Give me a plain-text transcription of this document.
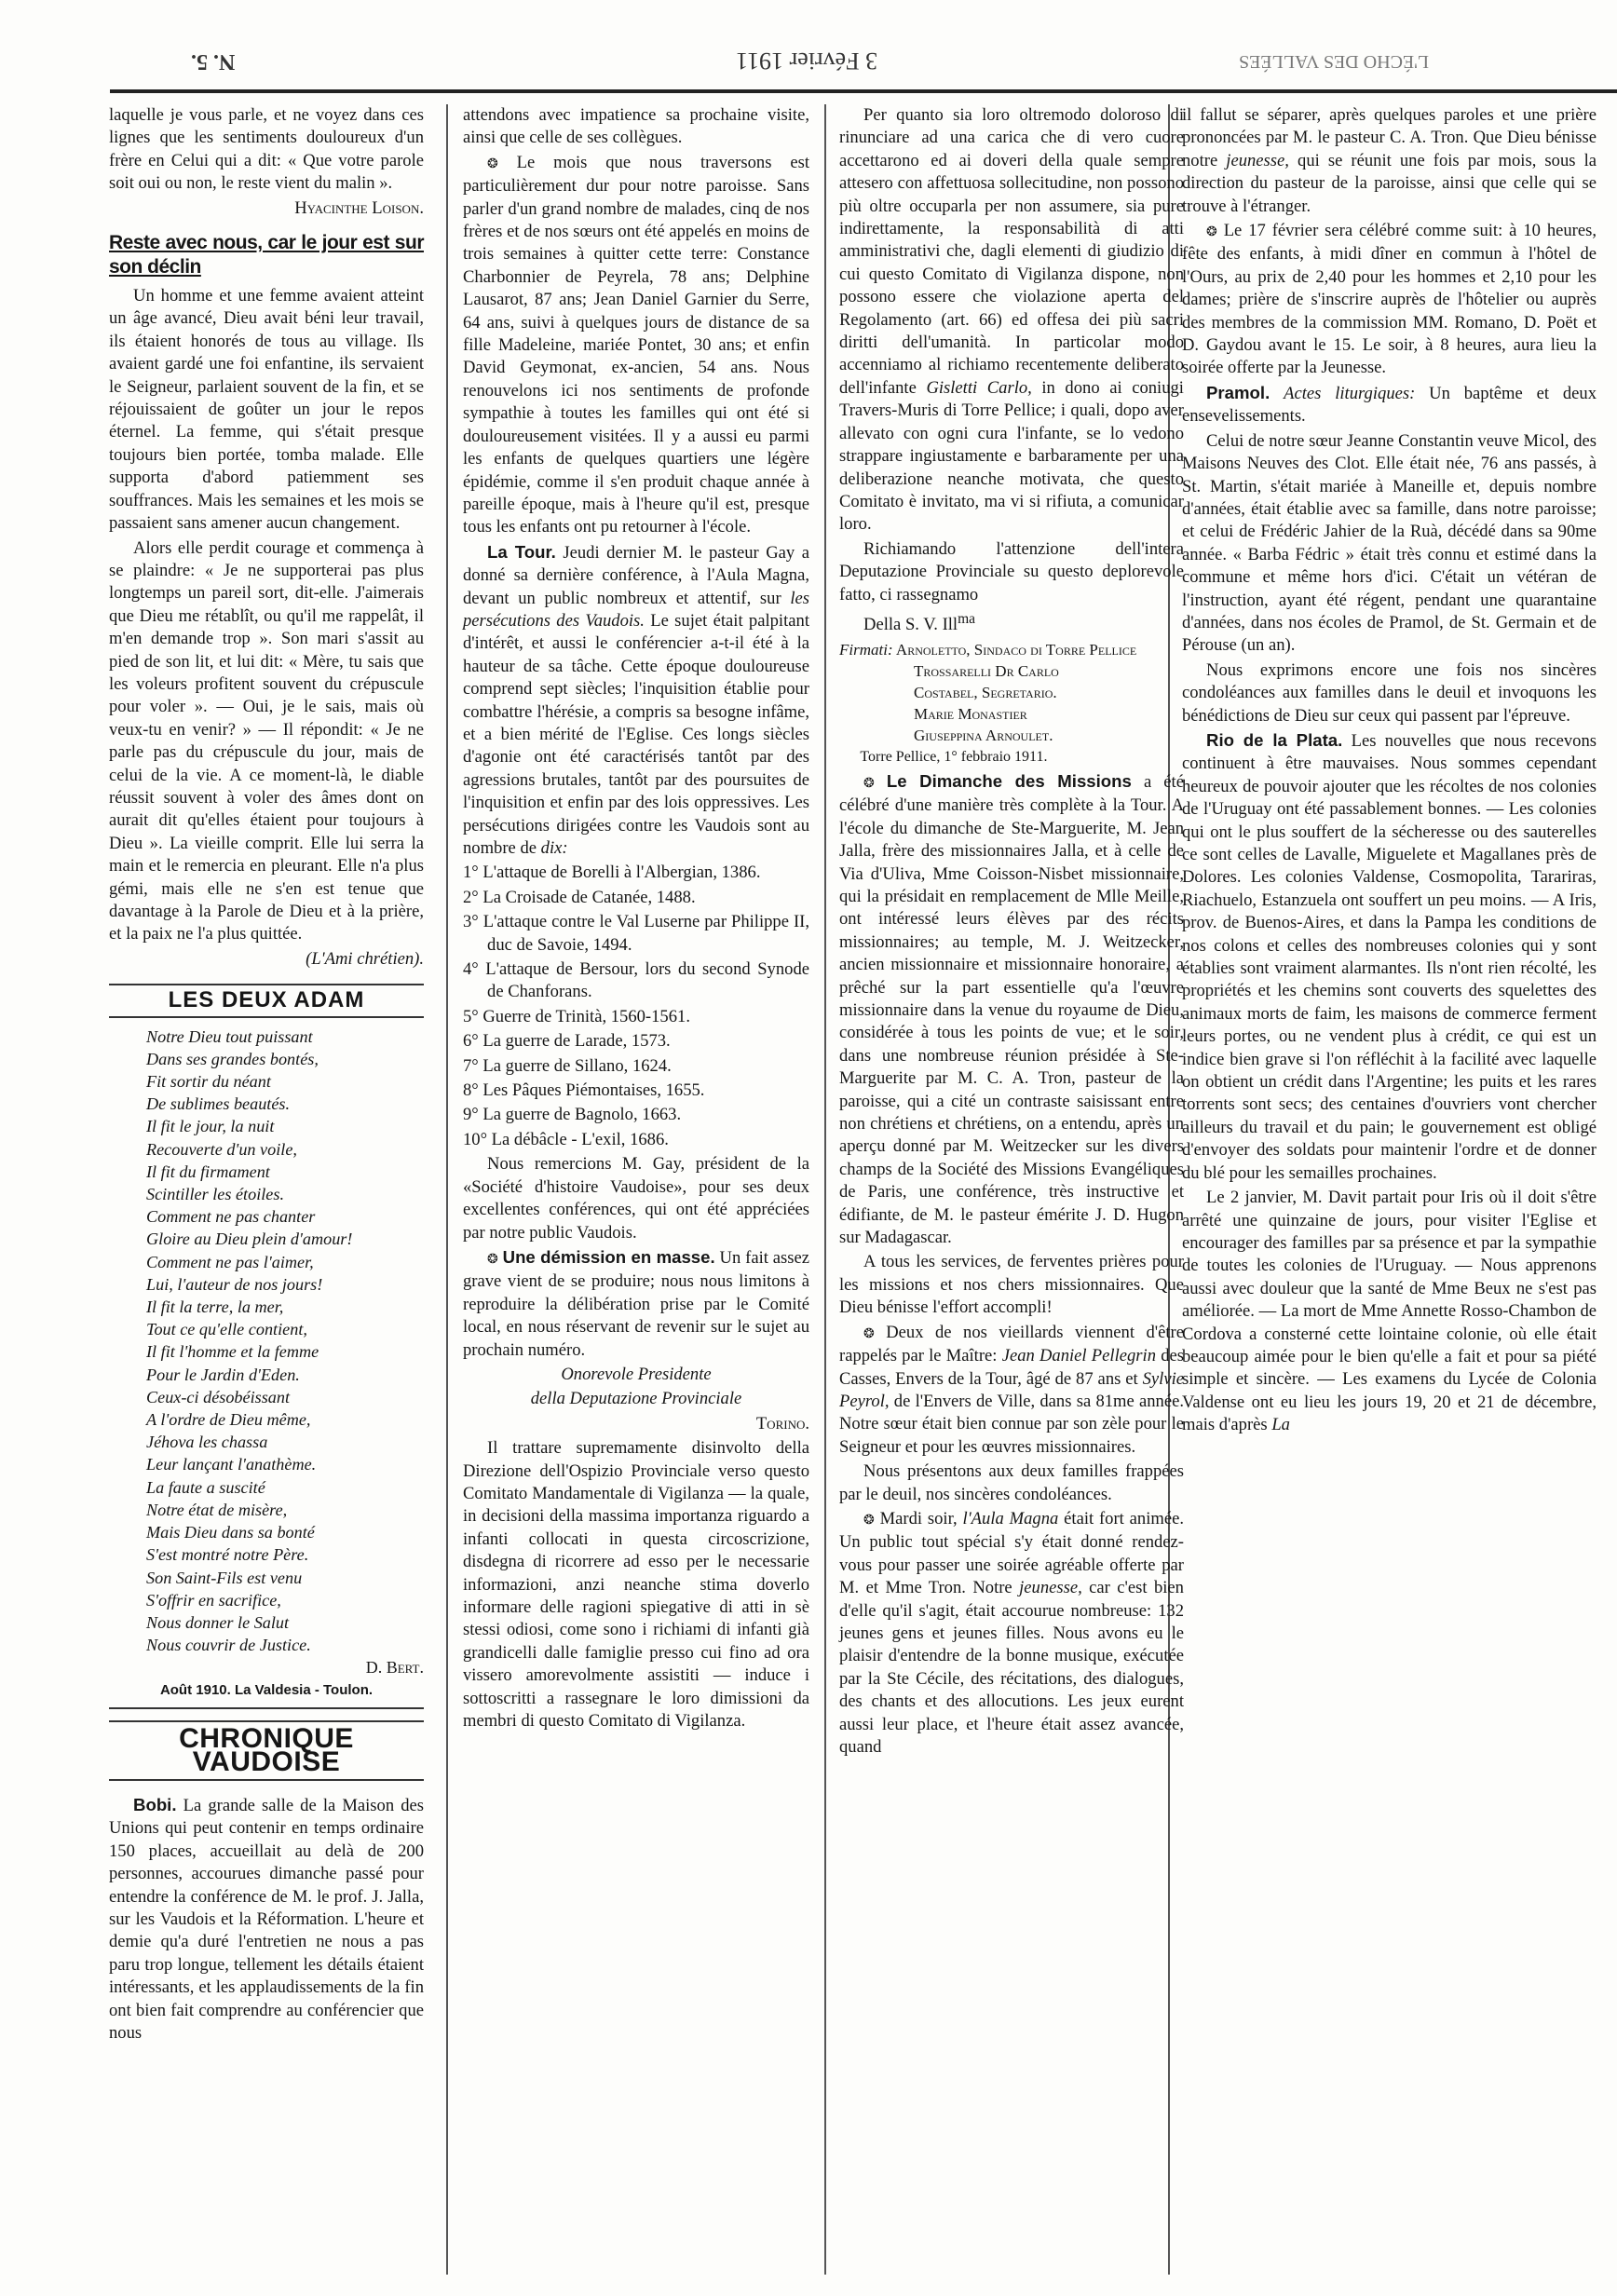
N. 5.	3 Février 1911	L'ÉCHO DES VALLÉES

laquelle je vous parle, et ne voyez dans ces lignes que les sentiments douloureux d'un frère en Celui qui a dit: « Que votre parole soit oui ou non, le reste vient du malin ».

Hyacinthe Loison.

Reste avec nous, car le jour est sur son déclin

Un homme et une femme avaient atteint un âge avancé, Dieu avait béni leur travail, ils étaient honorés de tous au village. Ils avaient gardé une foi enfantine, ils servaient le Seigneur, parlaient souvent de la fin, et se réjouissaient de goûter un jour le repos éternel. La femme, qui s'était presque toujours bien portée, tomba malade. Elle supporta d'abord patiemment ses souffrances. Mais les semaines et les mois se passaient sans amener aucun changement.

Alors elle perdit courage et commença à se plaindre: « Je ne supporterai pas plus longtemps un pareil sort, dit-elle. J'aimerais que Dieu me rétablît, ou qu'il me rappelât, il m'en demande trop ». Son mari s'assit au pied de son lit, et lui dit: « Mère, tu sais que les voleurs profitent souvent du crépuscule pour voler ». — Oui, je le sais, mais où veux-tu en venir? » — Il répondit: « Je ne parle pas du crépuscule du jour, mais de celui de la vie. A ce moment-là, le diable réussit souvent à voler des âmes dont on aurait dit qu'elles étaient pour toujours à Dieu ». La vieille comprit. Elle lui serra la main et le remercia en pleurant. Elle n'a plus gémi, mais elle ne s'en est tenue que davantage à la Parole de Dieu et à la prière, et la paix ne l'a plus quittée.

(L'Ami chrétien).

LES DEUX ADAM
Notre Dieu tout puissant
Dans ses grandes bontés,
Fit sortir du néant
De sublimes beautés.
Il fit le jour, la nuit
Recouverte d'un voile,
Il fit du firmament
Scintiller les étoiles.
Comment ne pas chanter
Gloire au Dieu plein d'amour!
Comment ne pas l'aimer,
Lui, l'auteur de nos jours!
Il fit la terre, la mer,
Tout ce qu'elle contient,
Il fit l'homme et la femme
Pour le Jardin d'Eden.
Ceux-ci désobéissant
A l'ordre de Dieu même,
Jéhova les chassa
Leur lançant l'anathème.
La faute a suscité
Notre état de misère,
Mais Dieu dans sa bonté
S'est montré notre Père.
Son Saint-Fils est venu
S'offrir en sacrifice,
Nous donner le Salut
Nous couvrir de Justice.
D. Bert.
Août 1910. La Valdesia - Toulon.
CHRONIQUE VAUDOISE

Bobi. La grande salle de la Maison des Unions qui peut contenir en temps ordinaire 150 places, accueillait au delà de 200 personnes, accourues dimanche passé pour entendre la conférence de M. le prof. J. Jalla, sur les Vaudois et la Réformation. L'heure et demie qu'a duré l'entretien ne nous a pas paru trop longue, tellement les détails étaient intéressants, et les applaudissements de la fin ont bien fait comprendre au conférencier que nous

attendons avec impatience sa prochaine visite, ainsi que celle de ses collègues.

❂ Le mois que nous traversons est particulièrement dur pour notre paroisse. Sans parler d'un grand nombre de malades, cinq de nos frères et de nos sœurs ont été appelés en moins de trois semaines à quitter cette terre: Constance Charbonnier de Peyrela, 78 ans; Delphine Lausarot, 87 ans; Jean Daniel Garnier du Serre, 64 ans, suivi à quelques jours de distance de sa fille Madeleine, mariée Pontet, 30 ans; et enfin David Geymonat, ex-ancien, 54 ans. Nous renouvelons ici nos sentiments de profonde sympathie à toutes les familles qui ont été si douloureusement visitées. Il y a aussi eu parmi les enfants de quelques quartiers une légère épidémie, comme il s'en produit chaque année à pareille époque, mais à l'heure qu'il est, presque tous les enfants ont pu retourner à l'école.

La Tour. Jeudi dernier M. le pasteur Gay a donné sa dernière conférence, à l'Aula Magna, devant un public nombreux et attentif, sur les persécutions des Vaudois. Le sujet était palpitant d'intérêt, et aussi le conférencier a-t-il été à la hauteur de sa tâche. Cette époque douloureuse comprend sept siècles; l'inquisition établie pour combattre l'hérésie, a compris sa besogne infâme, et a bien mérité de l'Eglise. Ces longs siècles d'agonie ont été caractérisés tantôt par des agressions brutales, tantôt par des poursuites de l'inquisition et enfin par des lois oppressives. Les persécutions dirigées contre les Vaudois sont au nombre de dix:

1° L'attaque de Borelli à l'Albergian, 1386.

2° La Croisade de Catanée, 1488.

3° L'attaque contre le Val Luserne par Philippe II, duc de Savoie, 1494.

4° L'attaque de Bersour, lors du second Synode de Chanforans.

5° Guerre de Trinità, 1560-1561.

6° La guerre de Larade, 1573.

7° La guerre de Sillano, 1624.

8° Les Pâques Piémontaises, 1655.

9° La guerre de Bagnolo, 1663.

10° La débâcle - L'exil, 1686.

Nous remercions M. Gay, président de la «Société d'histoire Vaudoise», pour ses deux excellentes conférences, qui ont été appréciées par notre public Vaudois.

❂ Une démission en masse. Un fait assez grave vient de se produire; nous nous limitons à reproduire la délibération prise par le Comité local, en nous réservant de revenir sur le sujet au prochain numéro.

Onorevole Presidente

della Deputazione Provinciale

Torino.

Il trattare supremamente disinvolto della Direzione dell'Ospizio Provinciale verso questo Comitato Mandamentale di Vigilanza — la quale, in decisioni della massima importanza riguardo a infanti collocati in questa circoscrizione, disdegna di ricorrere ad esso per le necessarie informazioni, anzi neanche stima doverlo informare delle ragioni spiegative di atti in sè stessi odiosi, come sono i richiami di infanti già grandicelli dalle famiglie presso cui fino ad ora vissero amorevolmente assistiti — induce i sottoscritti a rassegnare le loro dimissioni da membri di questo Comitato di Vigilanza.

Per quanto sia loro oltremodo doloroso di rinunciare ad una carica che di vero cuore accettarono ed ai doveri della quale sempre attesero con affettuosa sollecitudine, non possono più oltre occuparla per non assumere, sia pure indirettamente, la responsabilità di atti amministrativi che, dagli elementi di giudizio di cui questo Comitato di Vigilanza dispone, non possono essere che violazione aperta del Regolamento (art. 66) ed offesa dei più sacri diritti dell'umanità. In particolar modo accenniamo al richiamo recentemente deliberato dell'infante Gisletti Carlo, in dono ai coniugi Travers-Muris di Torre Pellice; i quali, dopo aver allevato con ogni cura l'infante, se lo vedono strappare ingiustamente e barbaramente per una deliberazione neanche motivata, che questo Comitato è invitato, ma vi si rifiuta, a comunicar loro.

Richiamando l'attenzione dell'intera Deputazione Provinciale su questo deplorevole fatto, ci rassegnamo

Della S. V. Ill$^{ma}$

Firmati: Arnoletto, Sindaco di Torre Pellice
Trossarelli Dr Carlo
Costabel, Segretario.
Marie Monastier
Giuseppina Arnoulet.

Torre Pellice, 1° febbraio 1911.

❂ Le Dimanche des Missions a été célébré d'une manière très complète à la Tour. A l'école du dimanche de Ste-Marguerite, M. Jean Jalla, frère des missionnaires Jalla, et à celle de Via d'Uliva, Mme Coisson-Nisbet missionnaire, qui la présidait en remplacement de Mlle Meille, ont intéressé leurs élèves par des récits missionnaires; au temple, M. J. Weitzecker, ancien missionnaire et missionnaire honoraire, a prêché sur la part essentielle qu'a l'œuvre missionnaire dans la venue du royaume de Dieu, considérée à tous les points de vue; et le soir, dans une nombreuse réunion présidée à Ste-Marguerite par M. C. A. Tron, pasteur de la paroisse, qui a cité un contraste saisissant entre non chrétiens et chrétiens, on a entendu, après un aperçu donné par M. Weitzecker sur les divers champs de la Société des Missions Evangéliques de Paris, une conférence, très instructive et édifiante, de M. le pasteur émérite J. D. Hugon sur Madagascar.

A tous les services, de ferventes prières pour les missions et nos chers missionnaires. Que Dieu bénisse l'effort accompli!

❂ Deux de nos vieillards viennent d'être rappelés par le Maître: Jean Daniel Pellegrin des Casses, Envers de la Tour, âgé de 87 ans et Sylvie Peyrol, de l'Envers de Ville, dans sa 81me année. Notre sœur était bien connue par son zèle pour le Seigneur et pour les œuvres missionnaires.

Nous présentons aux deux familles frappées par le deuil, nos sincères condoléances.

❂ Mardi soir, l'Aula Magna était fort animée. Un public tout spécial s'y était donné rendez-vous pour passer une soirée agréable offerte par M. et Mme Tron. Notre jeunesse, car c'est bien d'elle qu'il s'agit, était accourue nombreuse: 132 jeunes gens et jeunes filles. Nous avons eu le plaisir d'entendre de la bonne musique, exécutée par la Ste Cécile, des récitations, des dialogues, des chants et des allocutions. Les jeux eurent aussi leur place, et l'heure était assez avancée, quand

il fallut se séparer, après quelques paroles et une prière prononcées par M. le pasteur C. A. Tron. Que Dieu bénisse notre jeunesse, qui se réunit une fois par mois, sous la direction du pasteur de la paroisse, ainsi que celle qui se trouve à l'étranger.

❂ Le 17 février sera célébré comme suit: à 10 heures, fête des enfants, à midi dîner en commun à l'hôtel de l'Ours, au prix de 2,40 pour les hommes et 2,10 pour les dames; prière de s'inscrire auprès de l'hôtelier ou auprès des membres de la commission MM. Romano, D. Poët et D. Gaydou avant le 15. Le soir, à 8 heures, aura lieu la soirée offerte par la Jeunesse.

Pramol. Actes liturgiques: Un baptême et deux ensevelissements.

Celui de notre sœur Jeanne Constantin veuve Micol, des Maisons Neuves des Clot. Elle était née, 76 ans passés, à St. Martin, s'était mariée à Maneille et, depuis nombre d'années, était établie avec sa famille, dans notre paroisse; et celui de Frédéric Jahier de la Ruà, décédé dans sa 90me année. « Barba Fédric » était très connu et estimé dans la commune et même hors d'ici. C'était un vétéran de l'instruction, ayant été régent, pendant une quarantaine d'années, dans nos écoles de Pramol, de St. Germain et de Pérouse (un an).

Nous exprimons encore une fois nos sincères condoléances aux familles dans le deuil et invoquons les bénédictions de Dieu sur ceux qui passent par l'épreuve.

Rio de la Plata. Les nouvelles que nous recevons continuent à être mauvaises. Nous sommes cependant heureux de pouvoir ajouter que les récoltes de nos colonies de l'Uruguay ont été passablement bonnes. — Les colonies qui ont le plus souffert de la sécheresse ou des sauterelles ce sont celles de Lavalle, Miguelete et Magallanes près de Dolores. Les colonies Valdense, Cosmopolita, Tarariras, Riachuelo, Estanzuela ont souffert un peu moins. — A Iris, prov. de Buenos-Aires, et dans la Pampa les conditions de nos colons et celles des nombreuses colonies qui y sont établies sont vraiment alarmantes. Ils n'ont rien récolté, les propriétés et les chemins sont couverts des squelettes des animaux morts de faim, les maisons de commerce ferment leurs portes, ou ne vendent plus à crédit, ce qui est un indice bien grave si l'on réfléchit à la facilité avec laquelle on obtient un crédit dans l'Argentine; les puits et les rares torrents sont secs; des centaines d'ouvriers vont chercher ailleurs du travail et du pain; le gouvernement est obligé d'envoyer des soldats pour maintenir l'ordre et de donner du blé pour les semailles prochaines.

Le 2 janvier, M. Davit partait pour Iris où il doit s'être arrêté une quinzaine de jours, pour visiter l'Eglise et encourager des familles par sa présence et par la sympathie de toutes les colonies de l'Uruguay. — Nous apprenons aussi avec douleur que la santé de Mme Beux ne s'est pas améliorée. — La mort de Mme Annette Rosso-Chambon de Cordova a consterné cette lointaine colonie, où elle était beaucoup aimée pour le bien qu'elle a fait et pour sa piété simple et sincère. — Les examens du Lycée de Colonia Valdense ont eu lieu les jours 19, 20 et 21 de décembre, mais d'après La
